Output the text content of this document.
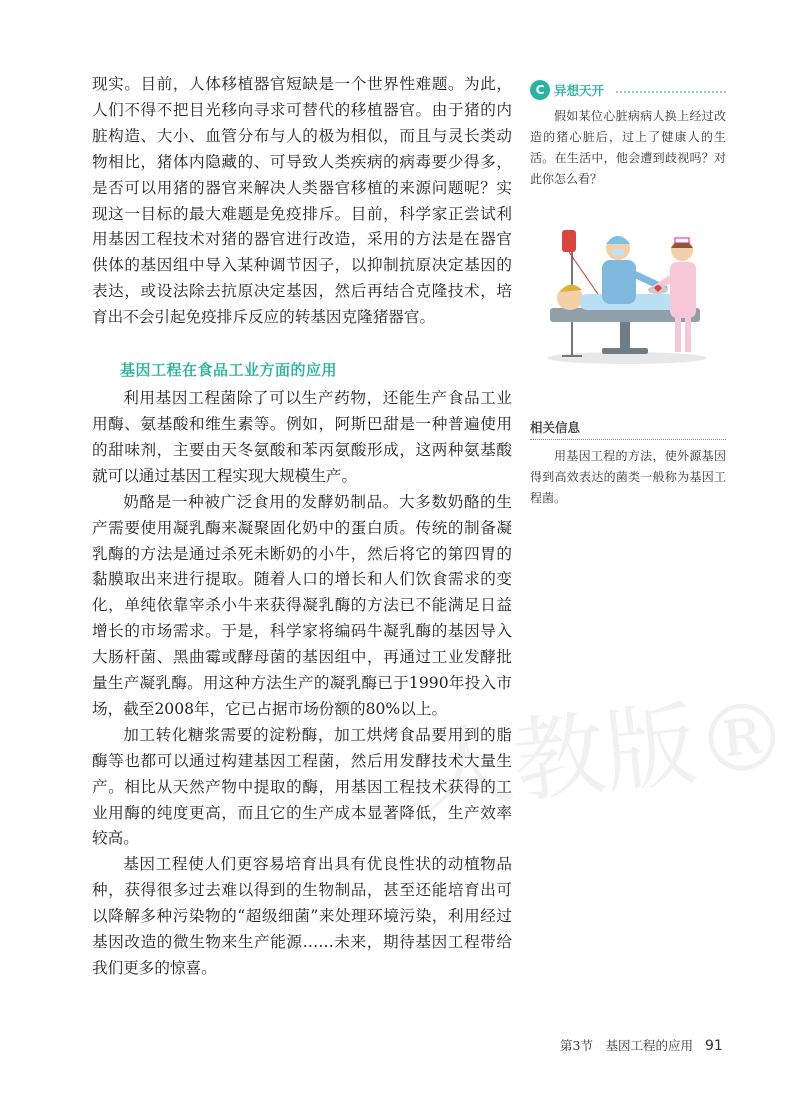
人教版®

现实。目前，人体移植器官短缺是一个世界性难题。为此，人们不得不把目光移向寻求可替代的移植器官。由于猪的内脏构造、大小、血管分布与人的极为相似，而且与灵长类动物相比，猪体内隐藏的、可导致人类疾病的病毒要少得多，是否可以用猪的器官来解决人类器官移植的来源问题呢？实现这一目标的最大难题是免疫排斥。目前，科学家正尝试利用基因工程技术对猪的器官进行改造，采用的方法是在器官供体的基因组中导入某种调节因子，以抑制抗原决定基因的表达，或设法除去抗原决定基因，然后再结合克隆技术，培育出不会引起免疫排斥反应的转基因克隆猪器官。

基因工程在食品工业方面的应用

利用基因工程菌除了可以生产药物，还能生产食品工业用酶、氨基酸和维生素等。例如，阿斯巴甜是一种普遍使用的甜味剂，主要由天冬氨酸和苯丙氨酸形成，这两种氨基酸就可以通过基因工程实现大规模生产。

奶酪是一种被广泛食用的发酵奶制品。大多数奶酪的生产需要使用凝乳酶来凝聚固化奶中的蛋白质。传统的制备凝乳酶的方法是通过杀死未断奶的小牛，然后将它的第四胃的黏膜取出来进行提取。随着人口的增长和人们饮食需求的变化，单纯依靠宰杀小牛来获得凝乳酶的方法已不能满足日益增长的市场需求。于是，科学家将编码牛凝乳酶的基因导入大肠杆菌、黑曲霉或酵母菌的基因组中，再通过工业发酵批量生产凝乳酶。用这种方法生产的凝乳酶已于1990年投入市场，截至2008年，它已占据市场份额的80%以上。

加工转化糖浆需要的淀粉酶，加工烘烤食品要用到的脂酶等也都可以通过构建基因工程菌，然后用发酵技术大量生产。相比从天然产物中提取的酶，用基因工程技术获得的工业用酶的纯度更高，而且它的生产成本显著降低，生产效率较高。

基因工程使人们更容易培育出具有优良性状的动植物品种，获得很多过去难以得到的生物制品，甚至还能培育出可以降解多种污染物的“超级细菌”来处理环境污染，利用经过基因改造的微生物来生产能源……未来，期待基因工程带给我们更多的惊喜。

C 异想天开

假如某位心脏病病人换上经过改造的猪心脏后，过上了健康人的生活。在生活中，他会遭到歧视吗？对此你怎么看？

相关信息

用基因工程的方法，使外源基因得到高效表达的菌类一般称为基因工程菌。

第3节　基因工程的应用 91
